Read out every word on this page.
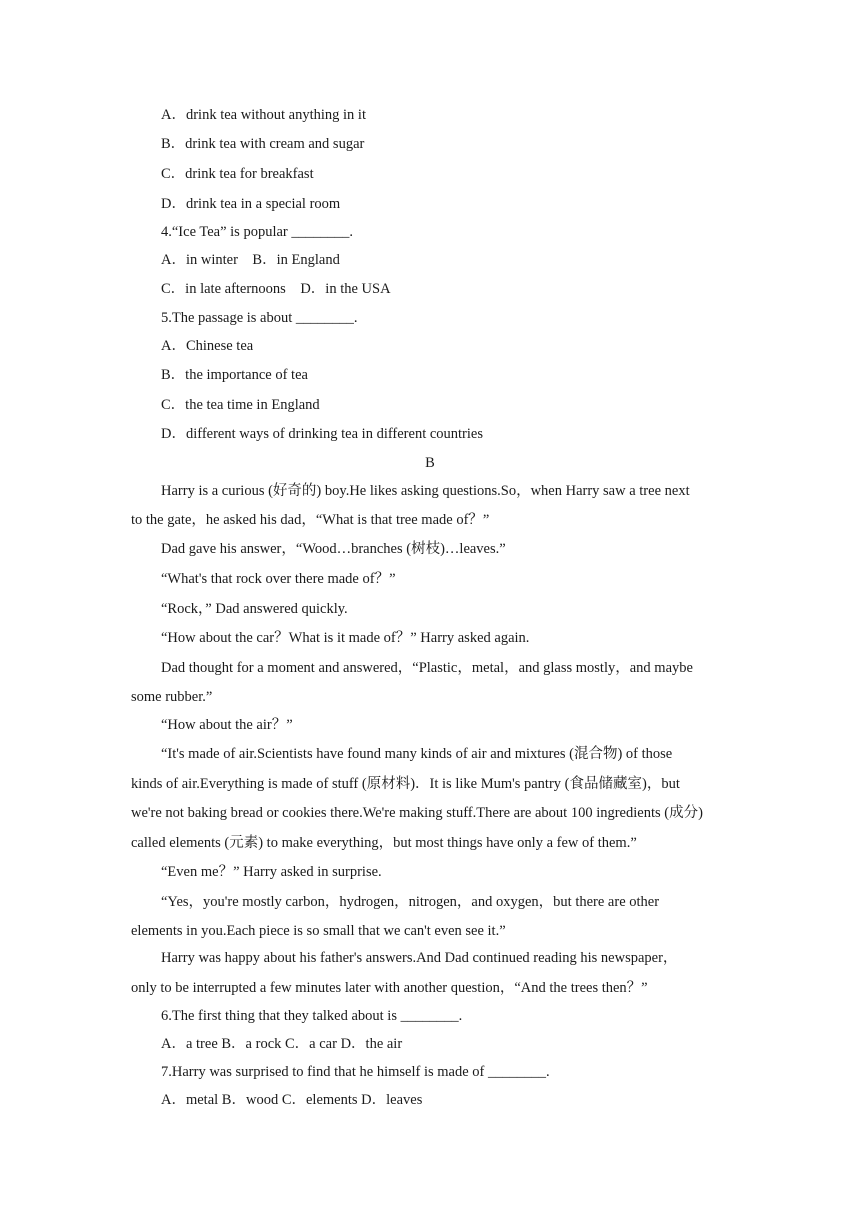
A．drink tea without anything in it
B．drink tea with cream and sugar
C．drink tea for breakfast
D．drink tea in a special room
4.“Ice Tea” is popular ________.
A．in winter　B．in England
C．in late afternoons　D．in the USA
5.The passage is about ________.
A．Chinese tea
B．the importance of tea
C．the tea time in England
D．different ways of drinking tea in different countries
B
Harry is a curious (好奇的) boy.He likes asking questions.So，when Harry saw a tree next
to the gate，he asked his dad，“What is that tree made of？”
Dad gave his answer，“Wood…branches (树枝)…leaves.”
“What's that rock over there made of？”
“Rock，” Dad answered quickly.
“How about the car？What is it made of？” Harry asked again.
Dad thought for a moment and answered，“Plastic，metal，and glass mostly，and maybe
some rubber.”
“How about the air？”
“It's made of air.Scientists have found many kinds of air and mixtures (混合物) of those
kinds of air.Everything is made of stuff (原材料)．It is like Mum's pantry (食品储藏室)，but
we're not baking bread or cookies there.We're making stuff.There are about 100 ingredients (成分)
called elements (元素) to make everything，but most things have only a few of them.”
“Even me？” Harry asked in surprise.
“Yes，you're mostly carbon，hydrogen，nitrogen，and oxygen，but there are other
elements in you.Each piece is so small that we can't even see it.”
Harry was happy about his father's answers.And Dad continued reading his newspaper，
only to be interrupted a few minutes later with another question，“And the trees then？”
6.The first thing that they talked about is ________.
A．a tree B．a rock C．a car D．the air
7.Harry was surprised to find that he himself is made of ________.
A．metal B．wood C．elements D．leaves
